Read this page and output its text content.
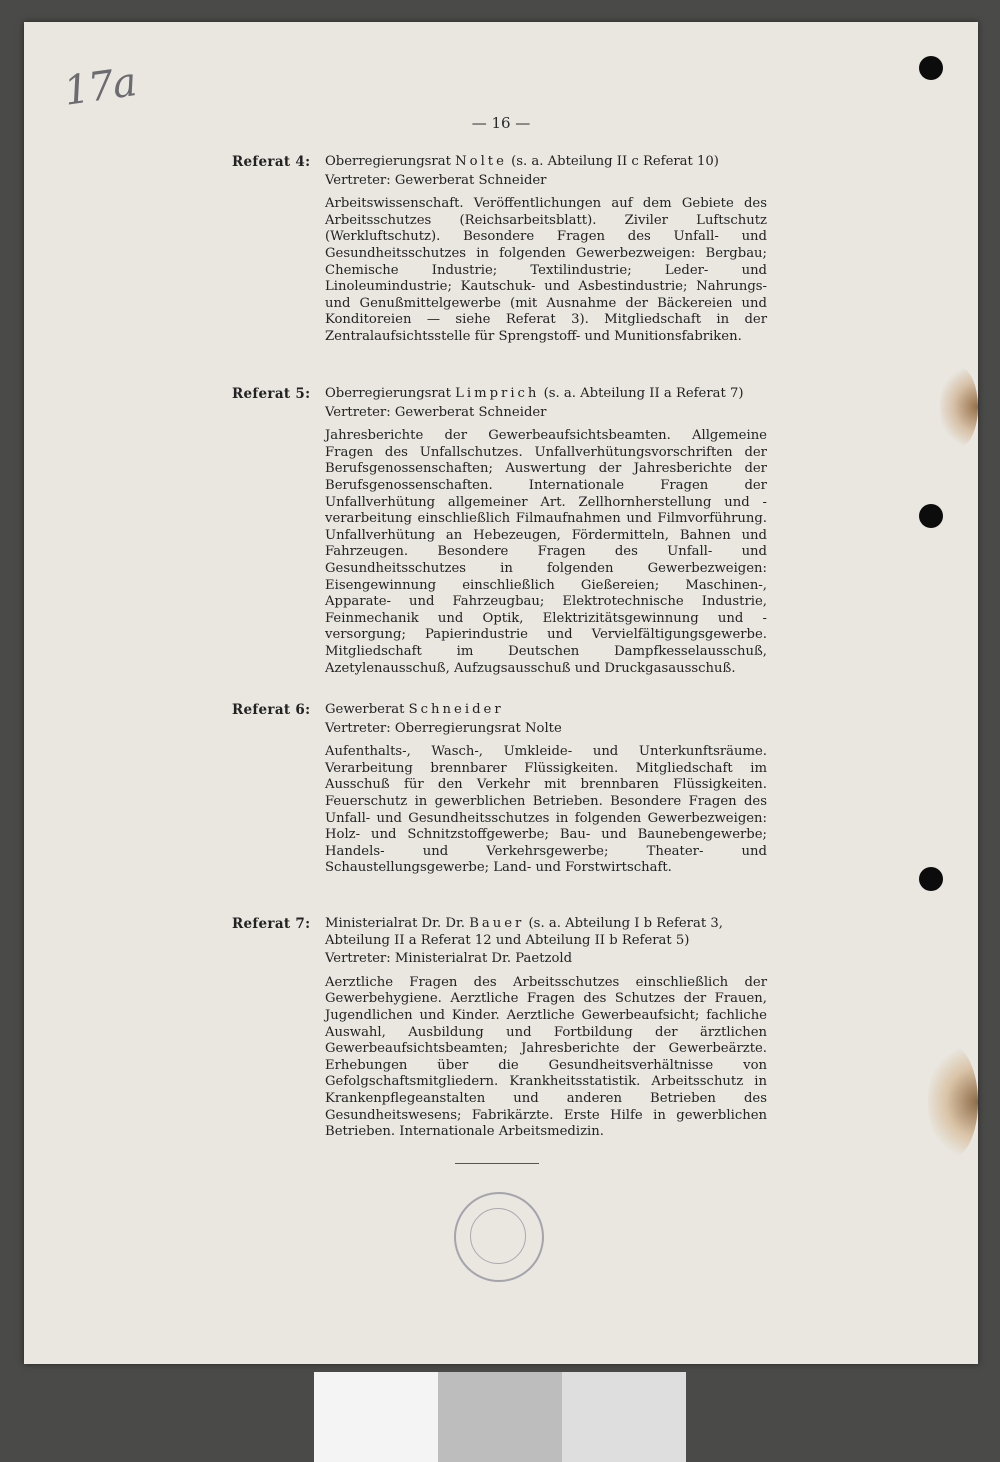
17a
— 16 —
Referat 4: Oberregierungsrat Nolte (s. a. Abteilung II c Referat 10)

Vertreter: Gewerberat Schneider

Arbeitswissenschaft. Veröffentlichungen auf dem Gebiete des Arbeitsschutzes (Reichsarbeitsblatt). Ziviler Luftschutz (Werkluftschutz). Besondere Fragen des Unfall- und Gesundheitsschutzes in folgenden Gewerbezweigen: Bergbau; Chemische Industrie; Textilindustrie; Leder- und Linoleumindustrie; Kautschuk- und Asbestindustrie; Nahrungs- und Genußmittelgewerbe (mit Ausnahme der Bäckereien und Konditoreien — siehe Referat 3). Mitgliedschaft in der Zentralaufsichtsstelle für Sprengstoff- und Munitionsfabriken.

Referat 5: Oberregierungsrat Limprich (s. a. Abteilung II a Referat 7)

Vertreter: Gewerberat Schneider

Jahresberichte der Gewerbeaufsichtsbeamten. Allgemeine Fragen des Unfallschutzes. Unfallverhütungsvorschriften der Berufsgenossenschaften; Auswertung der Jahresberichte der Berufsgenossenschaften. Internationale Fragen der Unfallverhütung allgemeiner Art. Zellhornherstellung und -verarbeitung einschließlich Filmaufnahmen und Filmvorführung. Unfallverhütung an Hebezeugen, Fördermitteln, Bahnen und Fahrzeugen. Besondere Fragen des Unfall- und Gesundheitsschutzes in folgenden Gewerbezweigen: Eisengewinnung einschließlich Gießereien; Maschinen-, Apparate- und Fahrzeugbau; Elektrotechnische Industrie, Feinmechanik und Optik, Elektrizitätsgewinnung und -versorgung; Papierindustrie und Vervielfältigungsgewerbe. Mitgliedschaft im Deutschen Dampfkesselausschuß, Azetylenausschuß, Aufzugsausschuß und Druckgasausschuß.

Referat 6: Gewerberat Schneider

Vertreter: Oberregierungsrat Nolte

Aufenthalts-, Wasch-, Umkleide- und Unterkunftsräume. Verarbeitung brennbarer Flüssigkeiten. Mitgliedschaft im Ausschuß für den Verkehr mit brennbaren Flüssigkeiten. Feuerschutz in gewerblichen Betrieben. Besondere Fragen des Unfall- und Gesundheitsschutzes in folgenden Gewerbezweigen: Holz- und Schnitzstoffgewerbe; Bau- und Baunebengewerbe; Handels- und Verkehrsgewerbe; Theater- und Schaustellungsgewerbe; Land- und Forstwirtschaft.

Referat 7: Ministerialrat Dr. Dr. Bauer (s. a. Abteilung I b Referat 3,

Abteilung II a Referat 12 und Abteilung II b Referat 5)

Vertreter: Ministerialrat Dr. Paetzold

Aerztliche Fragen des Arbeitsschutzes einschließlich der Gewerbehygiene. Aerztliche Fragen des Schutzes der Frauen, Jugendlichen und Kinder. Aerztliche Gewerbeaufsicht; fachliche Auswahl, Ausbildung und Fortbildung der ärztlichen Gewerbeaufsichtsbeamten; Jahresberichte der Gewerbeärzte. Erhebungen über die Gesundheitsverhältnisse von Gefolgschaftsmitgliedern. Krankheitsstatistik. Arbeitsschutz in Krankenpflegeanstalten und anderen Betrieben des Gesundheitswesens; Fabrikärzte. Erste Hilfe in gewerblichen Betrieben. Internationale Arbeitsmedizin.
